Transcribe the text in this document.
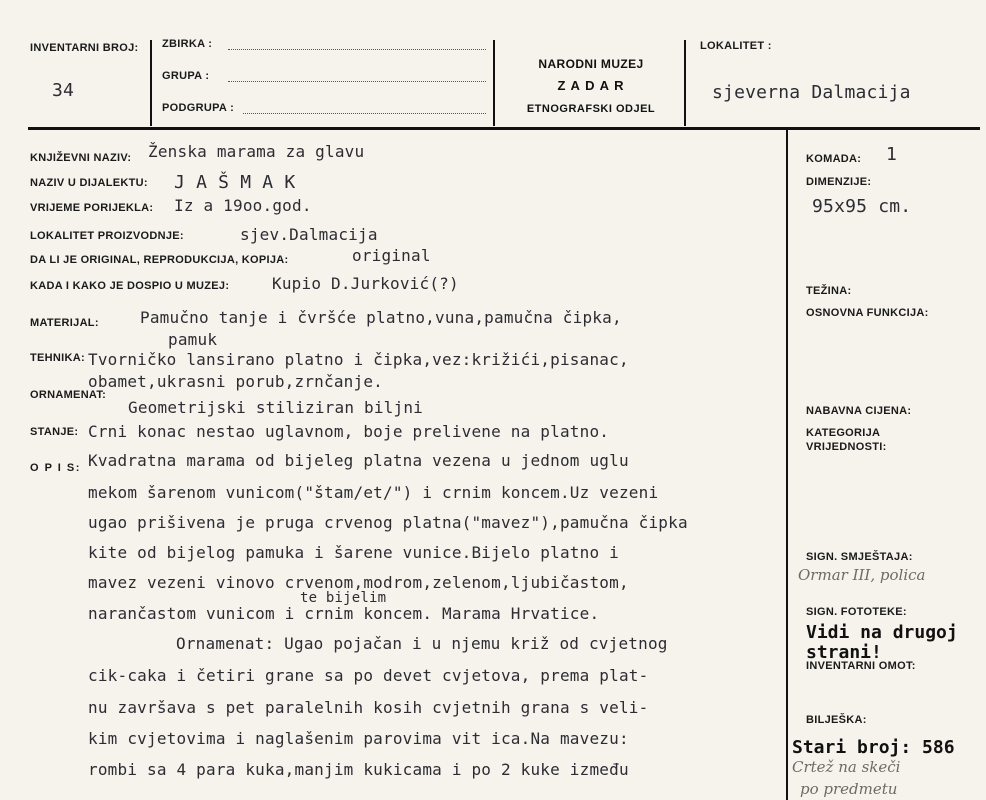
INVENTARNI BROJ:
34
ZBIRKA :
GRUPA :
PODGRUPA :
NARODNI MUZEJ
Z A D A R
ETNOGRAFSKI ODJEL
LOKALITET :
sjeverna Dalmacija
KNJIŽEVNI NAZIV: Ženska marama za glavu
NAZIV U DIJALEKTU: J A Š M A K
VRIJEME PORIJEKLA: Iz a 19oo.god.
LOKALITET PROIZVODNJE:	sjev.Dalmacija
DA LI JE ORIGINAL, REPRODUKCIJA, KOPIJA:	original
KADA I KAKO JE DOSPIO U MUZEJ:	Kupio D.Jurković(?)
MATERIJAL:	Pamučno tanje i čvršće platno,vuna,pamučna čipka,
pamuk
TEHNIKA: Tvorničko lansirano platno i čipka,vez:križići,pisanac,
obamet,ukrasni porub,zrnčanje.
ORNAMENAT:
Geometrijski stiliziran biljni
STANJE: Crni konac nestao uglavnom, boje prelivene na platno.
O P I S: Kvadratna marama od bijeleg platna vezena u jednom uglu
mekom šarenom vunicom("štam/et/") i crnim koncem.Uz vezeni
ugao prišivena je pruga crvenog platna("mavez"),pamučna čipka
kite od bijelog pamuka i šarene vunice.Bijelo platno i
mavez vezeni vinovo crvenom,modrom,zelenom,ljubičastom,
te bijelim
narančastom vunicom i crnim koncem. Marama Hrvatice.
Ornamenat: Ugao pojačan i u njemu križ od cvjetnog
cik-caka i četiri grane sa po devet cvjetova, prema plat-
nu završava s pet paralelnih kosih cvjetnih grana s veli-
kim cvjetovima i naglašenim parovima vit ica.Na mavezu:
rombi sa 4 para kuka,manjim kukicama i po 2 kuke između
KOMADA: 1
DIMENZIJE:
95x95 cm.
TEŽINA:
OSNOVNA FUNKCIJA:
NABAVNA CIJENA:
KATEGORIJA
VRIJEDNOSTI:
SIGN. SMJEŠTAJA:
Ormar III, polica
SIGN. FOTOTEKE:
Vidi na drugoj
strani!
INVENTARNI OMOT:
BILJEŠKA:
Stari broj: 586
Crtež na skeči
po predmetu
